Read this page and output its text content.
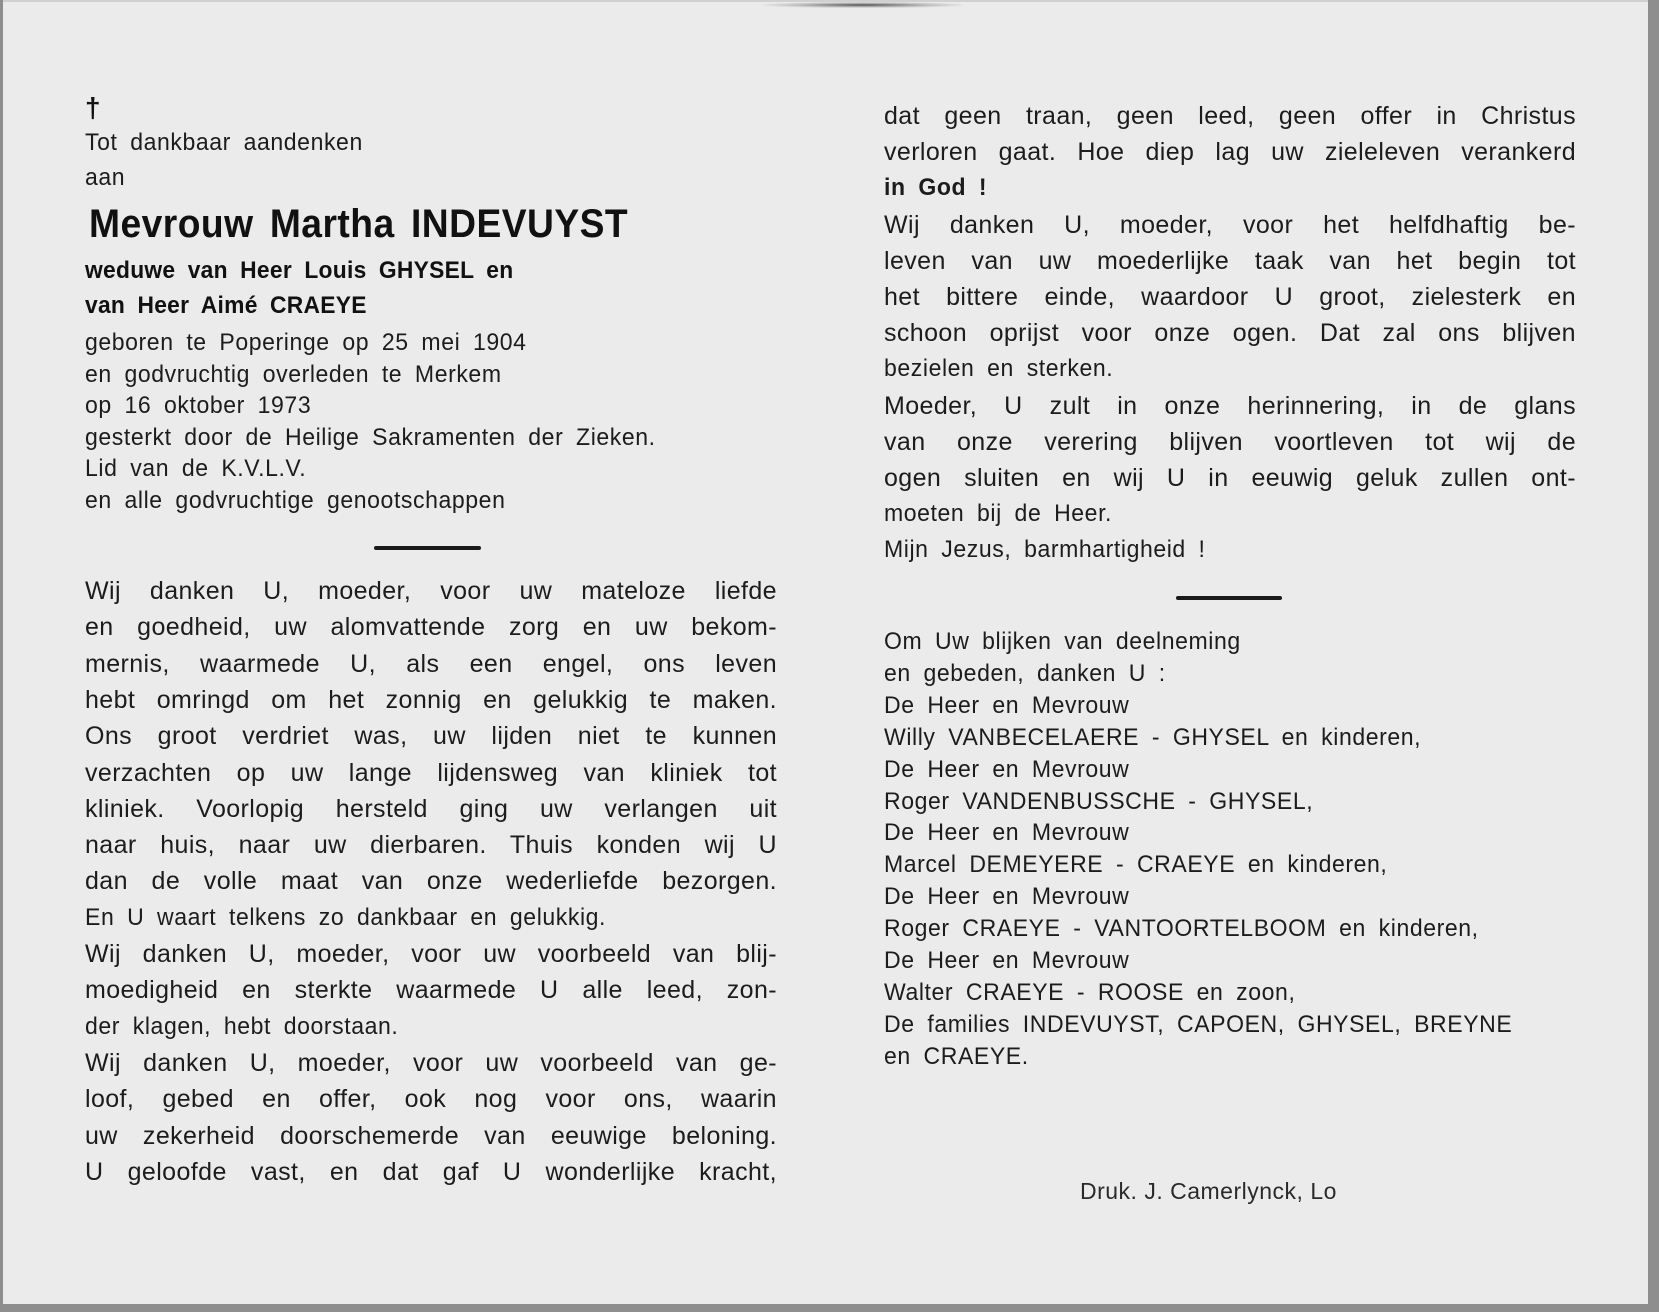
†
Tot dankbaar aandenken
aan
Mevrouw Martha INDEVUYST
weduwe van Heer Louis GHYSEL en
van Heer Aimé CRAEYE
geboren te Poperinge op 25 mei 1904
en godvruchtig overleden te Merkem
op 16 oktober 1973
gesterkt door de Heilige Sakramenten der Zieken.
Lid van de K.V.L.V.
en alle godvruchtige genootschappen
Wij danken U, moeder, voor uw mateloze liefde
en goedheid, uw alomvattende zorg en uw bekom-
mernis, waarmede U, als een engel, ons leven
hebt omringd om het zonnig en gelukkig te maken.
Ons groot verdriet was, uw lijden niet te kunnen
verzachten op uw lange lijdensweg van kliniek tot
kliniek. Voorlopig hersteld ging uw verlangen uit
naar huis, naar uw dierbaren. Thuis konden wij U
dan de volle maat van onze wederliefde bezorgen.
En U waart telkens zo dankbaar en gelukkig.
Wij danken U, moeder, voor uw voorbeeld van blij-
moedigheid en sterkte waarmede U alle leed, zon-
der klagen, hebt doorstaan.
Wij danken U, moeder, voor uw voorbeeld van ge-
loof, gebed en offer, ook nog voor ons, waarin
uw zekerheid doorschemerde van eeuwige beloning.
U geloofde vast, en dat gaf U wonderlijke kracht,
dat geen traan, geen leed, geen offer in Christus
verloren gaat. Hoe diep lag uw zieleleven verankerd
in God !
Wij danken U, moeder, voor het helfdhaftig be-
leven van uw moederlijke taak van het begin tot
het bittere einde, waardoor U groot, zielesterk en
schoon oprijst voor onze ogen. Dat zal ons blijven
bezielen en sterken.
Moeder, U zult in onze herinnering, in de glans
van onze verering blijven voortleven tot wij de
ogen sluiten en wij U in eeuwig geluk zullen ont-
moeten bij de Heer.
Mijn Jezus, barmhartigheid !
Om Uw blijken van deelneming
en gebeden, danken U :
De Heer en Mevrouw
Willy VANBECELAERE - GHYSEL en kinderen,
De Heer en Mevrouw
Roger VANDENBUSSCHE - GHYSEL,
De Heer en Mevrouw
Marcel DEMEYERE - CRAEYE en kinderen,
De Heer en Mevrouw
Roger CRAEYE - VANTOORTELBOOM en kinderen,
De Heer en Mevrouw
Walter CRAEYE - ROOSE en zoon,
De families INDEVUYST, CAPOEN, GHYSEL, BREYNE
en CRAEYE.
Druk. J. Camerlynck, Lo
